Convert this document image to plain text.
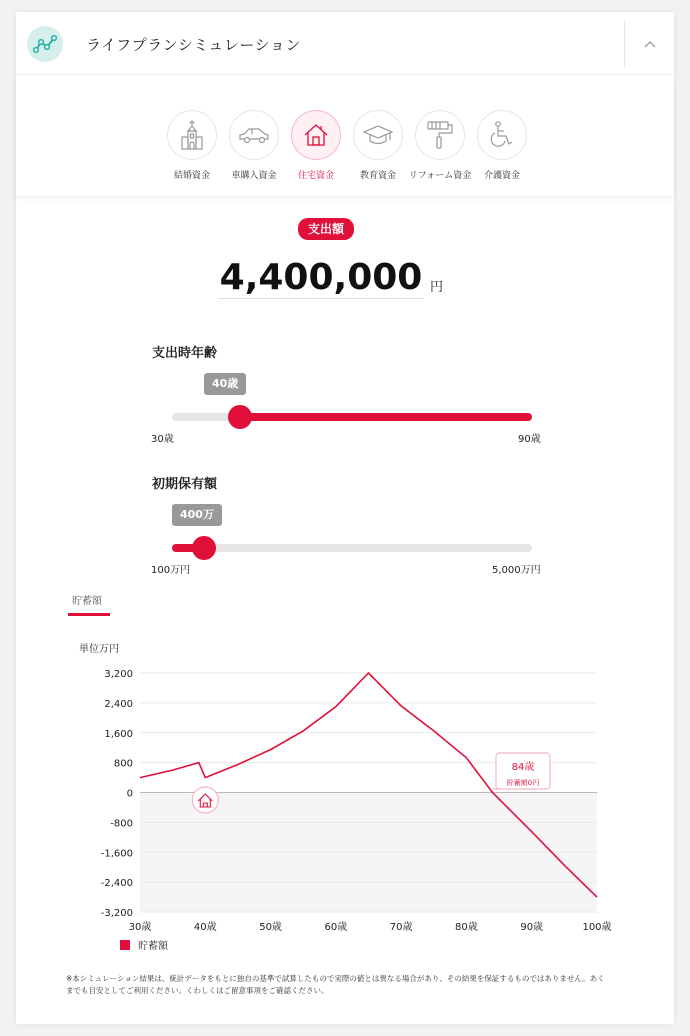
ライフプランシミュレーション
結婚資金	車購入資金	住宅資金	教育資金	リフォーム資金	介護資金
支出額
4,400,000
円
支出時年齢
40歳
30歳	90歳
初期保有額
400万
100万円	5,000万円
貯蓄額
単位万円
3,200
2,400
1,600
800
0
-800
-1,600
-2,400
-3,200
30歳	40歳	50歳	60歳	70歳	80歳	90歳	100歳
84歳
貯蓄額0円
貯蓄額
※本シミュレーション結果は、統計データをもとに独自の基準で試算したもので実際の値とは異なる場合があり、その結果を保証するものではありません。あくまでも目安としてご利用ください。くわしくはご留意事項をご確認ください。
